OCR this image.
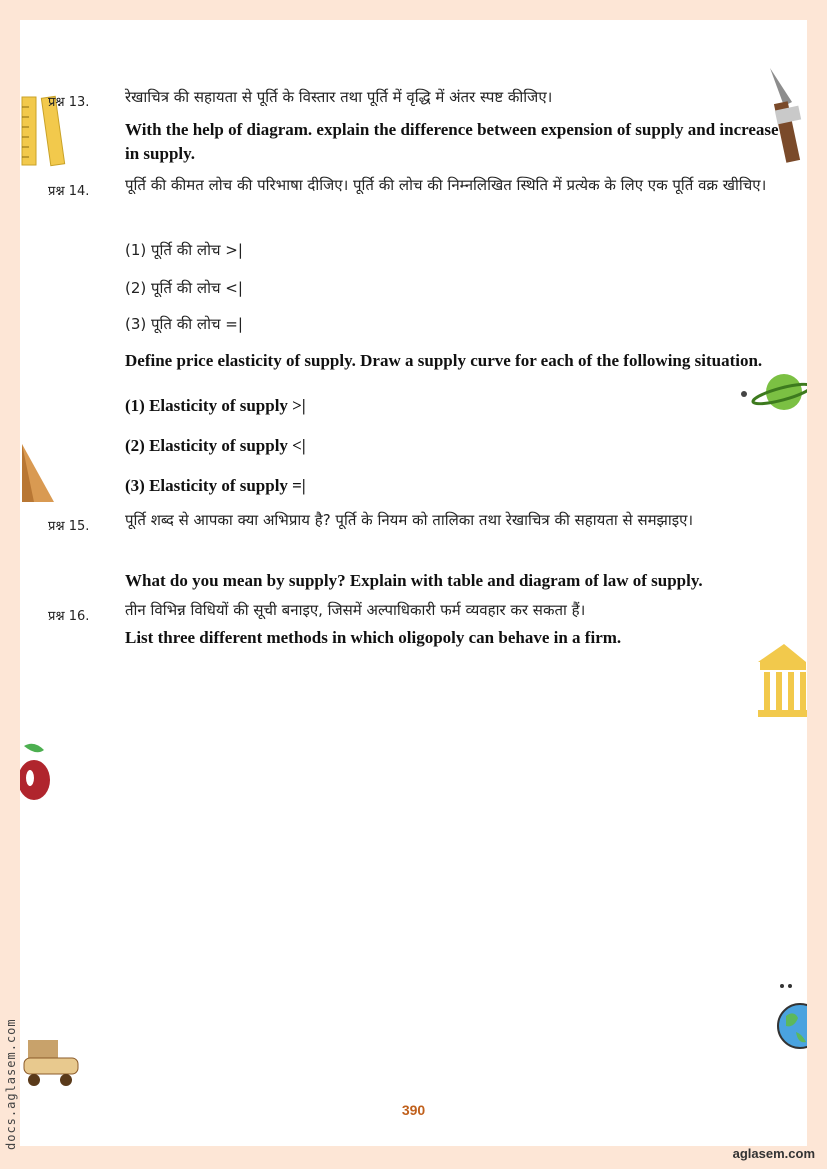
प्रश्न 13. रेखाचित्र की सहायता से पूर्ति के विस्तार तथा पूर्ति में वृद्धि में अंतर स्पष्ट कीजिए।

With the help of diagram. explain the difference between expension of supply and increase in supply.

प्रश्न 14. पूर्ति की कीमत लोच की परिभाषा दीजिए। पूर्ति की लोच की निम्नलिखित स्थिति में प्रत्येक के लिए एक पूर्ति वक्र खीचिए।

(1) पूर्ति की लोच >|

(2) पूर्ति की लोच <|

(3) पूति की लोच =|

Define price elasticity of supply. Draw a supply curve for each of the following situation.

(1) Elasticity of supply >|

(2) Elasticity of supply <|

(3) Elasticity of supply =|

प्रश्न 15. पूर्ति शब्द से आपका क्या अभिप्राय है? पूर्ति के नियम को तालिका तथा रेखाचित्र की सहायता से समझाइए।

What do you mean by supply? Explain with table and diagram of law of supply.

प्रश्न 16. तीन विभिन्न विधियों की सूची बनाइए, जिसमें अल्पाधिकारी फर्म व्यवहार कर सकता हैं।

List three different methods in which oligopoly can behave in a firm.

390
aglasem.com
docs.aglasem.com
